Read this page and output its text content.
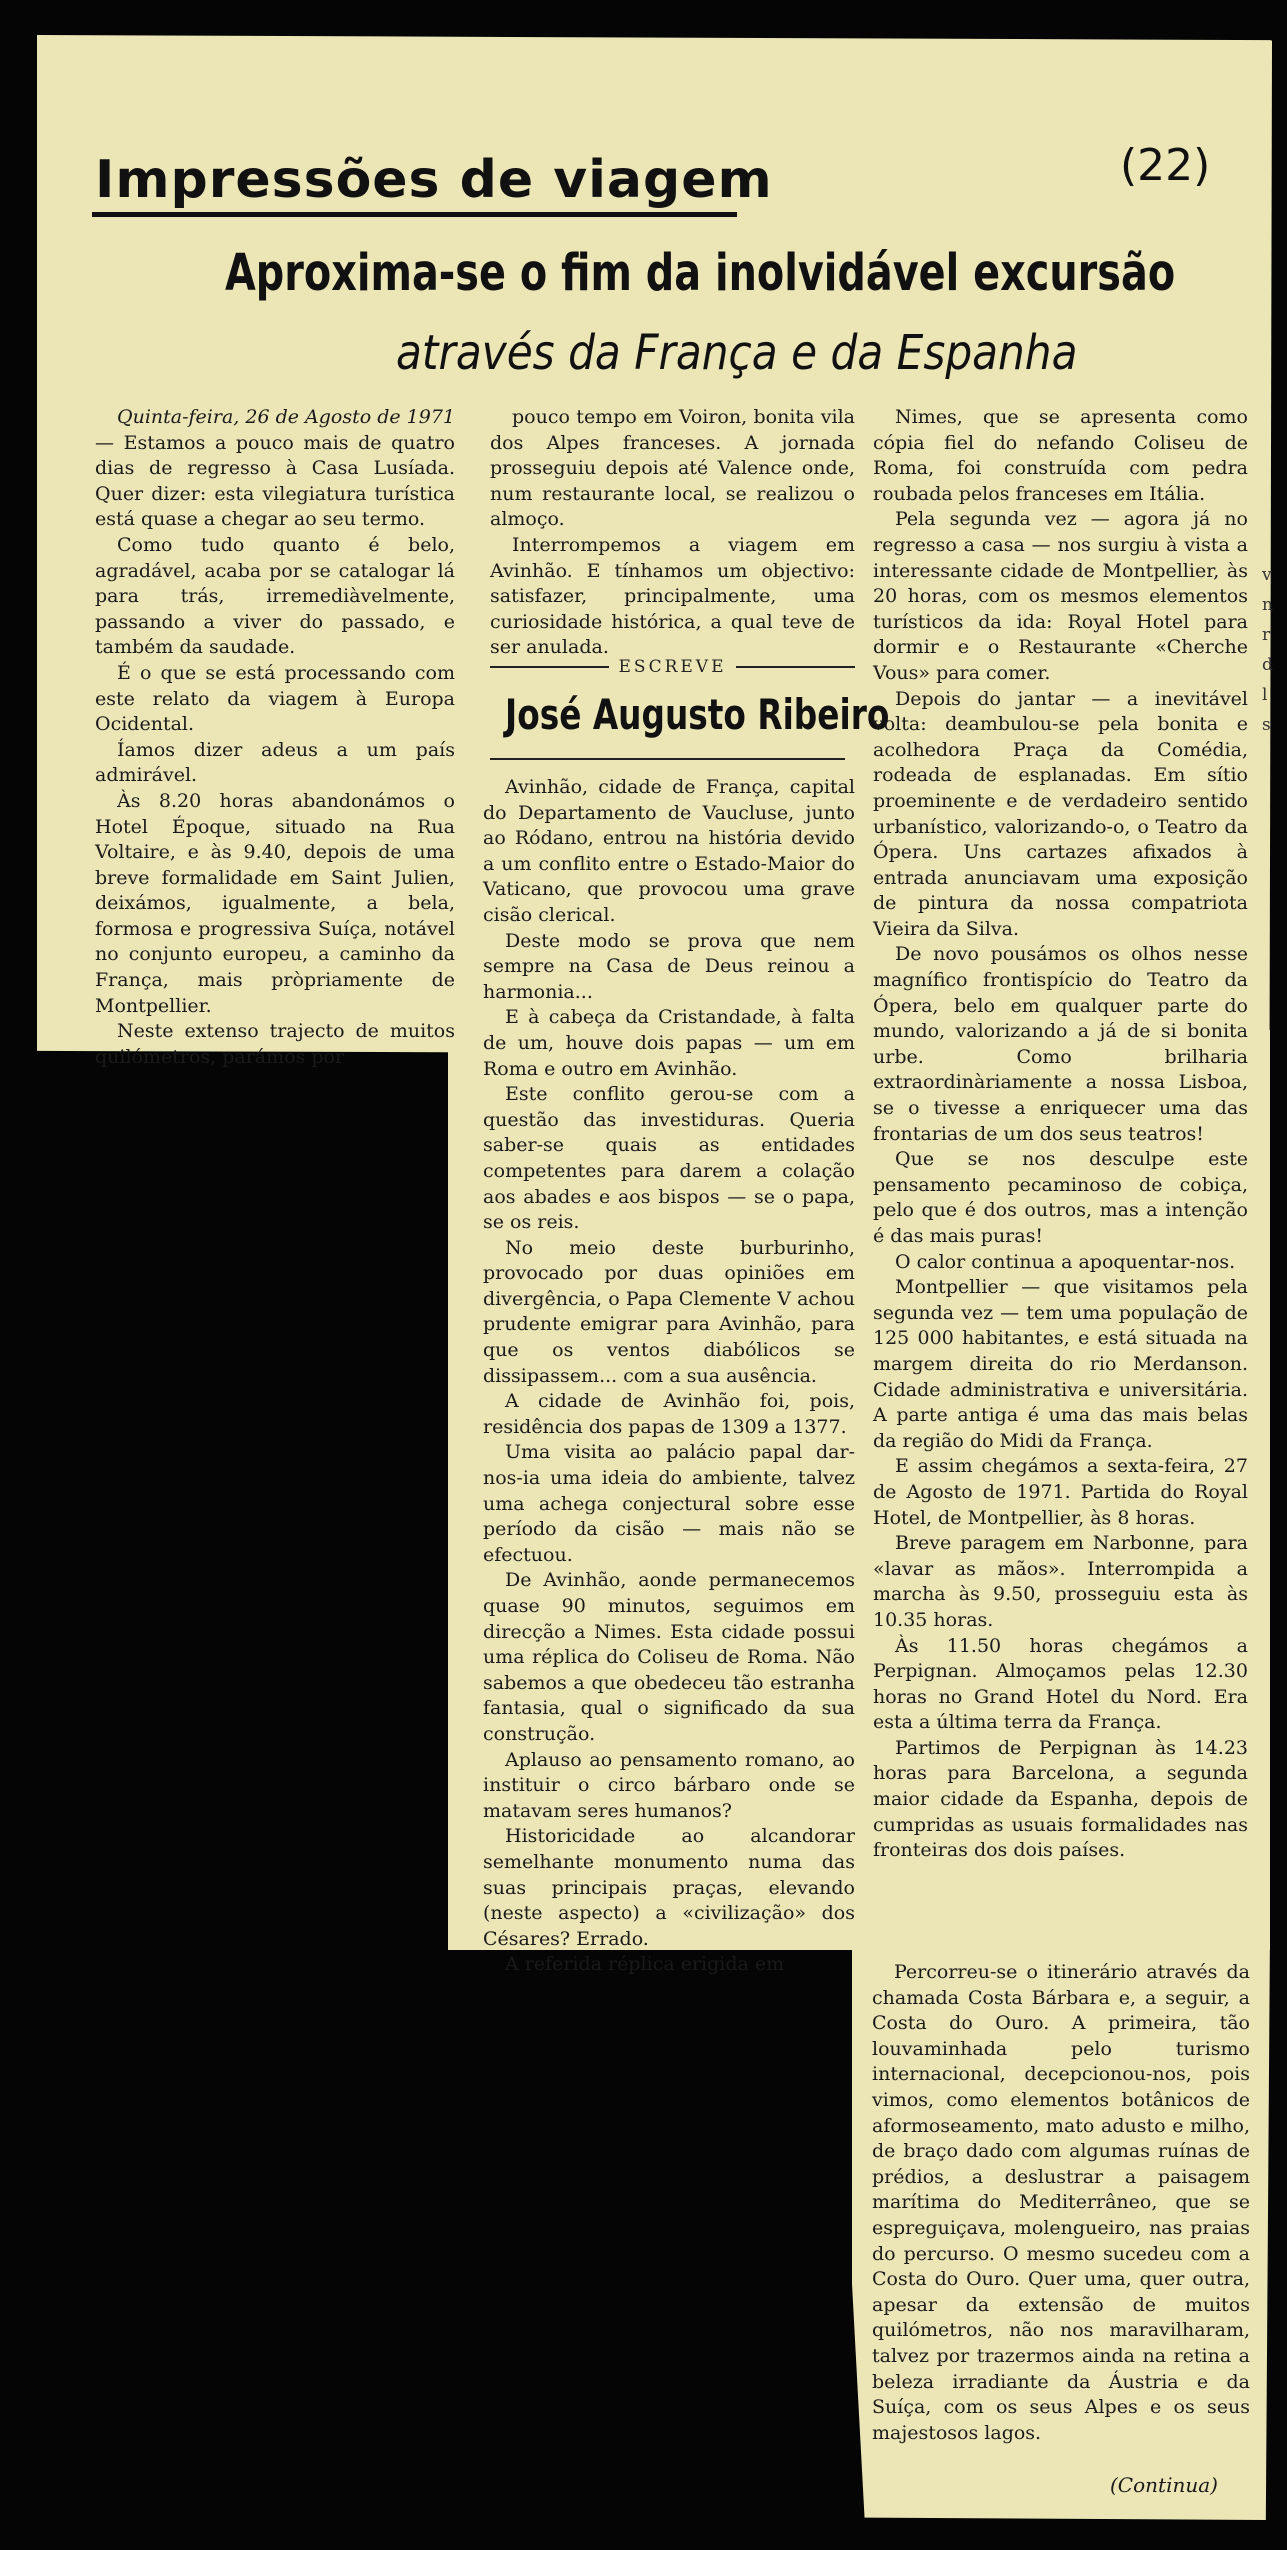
Impressões de viagem	(22)
Aproxima-se o fim da inolvidável excursão
através da França e da Espanha

Quinta-feira, 26 de Agosto de 1971 — Estamos a pouco mais de quatro dias de regresso à Casa Lusíada. Quer dizer: esta vilegiatura turística está quase a chegar ao seu termo.

Como tudo quanto é belo, agradável, acaba por se catalogar lá para trás, irremediàvelmente, passando a viver do passado, e também da saudade.

É o que se está processando com este relato da viagem à Europa Ocidental.

Íamos dizer adeus a um país admirável.

Às 8.20 horas abandonámos o Hotel Époque, situado na Rua Voltaire, e às 9.40, depois de uma breve formalidade em Saint Julien, deixámos, igualmente, a bela, formosa e progressiva Suíça, notável no conjunto europeu, a caminho da França, mais pròpriamente de Montpellier.

Neste extenso trajecto de muitos quilómetros, parámos por

pouco tempo em Voiron, bonita vila dos Alpes franceses. A jornada prosseguiu depois até Valence onde, num restaurante local, se realizou o almoço.

Interrompemos a viagem em Avinhão. E tínhamos um objectivo: satisfazer, principalmente, uma curiosidade histórica, a qual teve de ser anulada.

ESCREVE
José Augusto Ribeiro

Avinhão, cidade de França, capital do Departamento de Vaucluse, junto ao Ródano, entrou na história devido a um conflito entre o Estado-Maior do Vaticano, que provocou uma grave cisão clerical.

Deste modo se prova que nem sempre na Casa de Deus reinou a harmonia...

E à cabeça da Cristandade, à falta de um, houve dois papas — um em Roma e outro em Avinhão.

Este conflito gerou-se com a questão das investiduras. Queria saber-se quais as entidades competentes para darem a colação aos abades e aos bispos — se o papa, se os reis.

No meio deste burburinho, provocado por duas opiniões em divergência, o Papa Clemente V achou prudente emigrar para Avinhão, para que os ventos diabólicos se dissipassem... com a sua ausência.

A cidade de Avinhão foi, pois, residência dos papas de 1309 a 1377.

Uma visita ao palácio papal dar-nos-ia uma ideia do ambiente, talvez uma achega conjectural sobre esse período da cisão — mais não se efectuou.

De Avinhão, aonde permanecemos quase 90 minutos, seguimos em direcção a Nimes. Esta cidade possui uma réplica do Coliseu de Roma. Não sabemos a que obedeceu tão estranha fantasia, qual o significado da sua construção.

Aplauso ao pensamento romano, ao instituir o circo bárbaro onde se matavam seres humanos?

Historicidade ao alcandorar semelhante monumento numa das suas principais praças, elevando (neste aspecto) a «civilização» dos Césares? Errado.

A referida réplica erigida em

Nimes, que se apresenta como cópia fiel do nefando Coliseu de Roma, foi construída com pedra roubada pelos franceses em Itália.

Pela segunda vez — agora já no regresso a casa — nos surgiu à vista a interessante cidade de Montpellier, às 20 horas, com os mesmos elementos turísticos da ida: Royal Hotel para dormir e o Restaurante «Cherche Vous» para comer.

Depois do jantar — a inevitável volta: deambulou-se pela bonita e acolhedora Praça da Comédia, rodeada de esplanadas. Em sítio proeminente e de verdadeiro sentido urbanístico, valorizando-o, o Teatro da Ópera. Uns cartazes afixados à entrada anunciavam uma exposição de pintura da nossa compatriota Vieira da Silva.

De novo pousámos os olhos nesse magnífico frontispício do Teatro da Ópera, belo em qualquer parte do mundo, valorizando a já de si bonita urbe. Como brilharia extraordinàriamente a nossa Lisboa, se o tivesse a enriquecer uma das frontarias de um dos seus teatros!

Que se nos desculpe este pensamento pecaminoso de cobiça, pelo que é dos outros, mas a intenção é das mais puras!

O calor continua a apoquentar-nos.

Montpellier — que visitamos pela segunda vez — tem uma população de 125 000 habitantes, e está situada na margem direita do rio Merdanson. Cidade administrativa e universitária. A parte antiga é uma das mais belas da região do Midi da França.

E assim chegámos a sexta-feira, 27 de Agosto de 1971. Partida do Royal Hotel, de Montpellier, às 8 horas.

Breve paragem em Narbonne, para «lavar as mãos». Interrompida a marcha às 9.50, prosseguiu esta às 10.35 horas.

Às 11.50 horas chegámos a Perpignan. Almoçamos pelas 12.30 horas no Grand Hotel du Nord. Era esta a última terra da França.

Partimos de Perpignan às 14.23 horas para Barcelona, a segunda maior cidade da Espanha, depois de cumpridas as usuais formalidades nas fronteiras dos dois países.

Percorreu-se o itinerário através da chamada Costa Bárbara e, a seguir, a Costa do Ouro. A primeira, tão louvaminhada pelo turismo internacional, decepcionou-nos, pois vimos, como elementos botânicos de aformoseamento, mato adusto e milho, de braço dado com algumas ruínas de prédios, a deslustrar a paisagem marítima do Mediterrâneo, que se espreguiçava, molengueiro, nas praias do percurso. O mesmo sucedeu com a Costa do Ouro. Quer uma, quer outra, apesar da extensão de muitos quilómetros, não nos maravilharam, talvez por trazermos ainda na retina a beleza irradiante da Áustria e da Suíça, com os seus Alpes e os seus majestosos lagos.

(Continua)
v n r d l s
